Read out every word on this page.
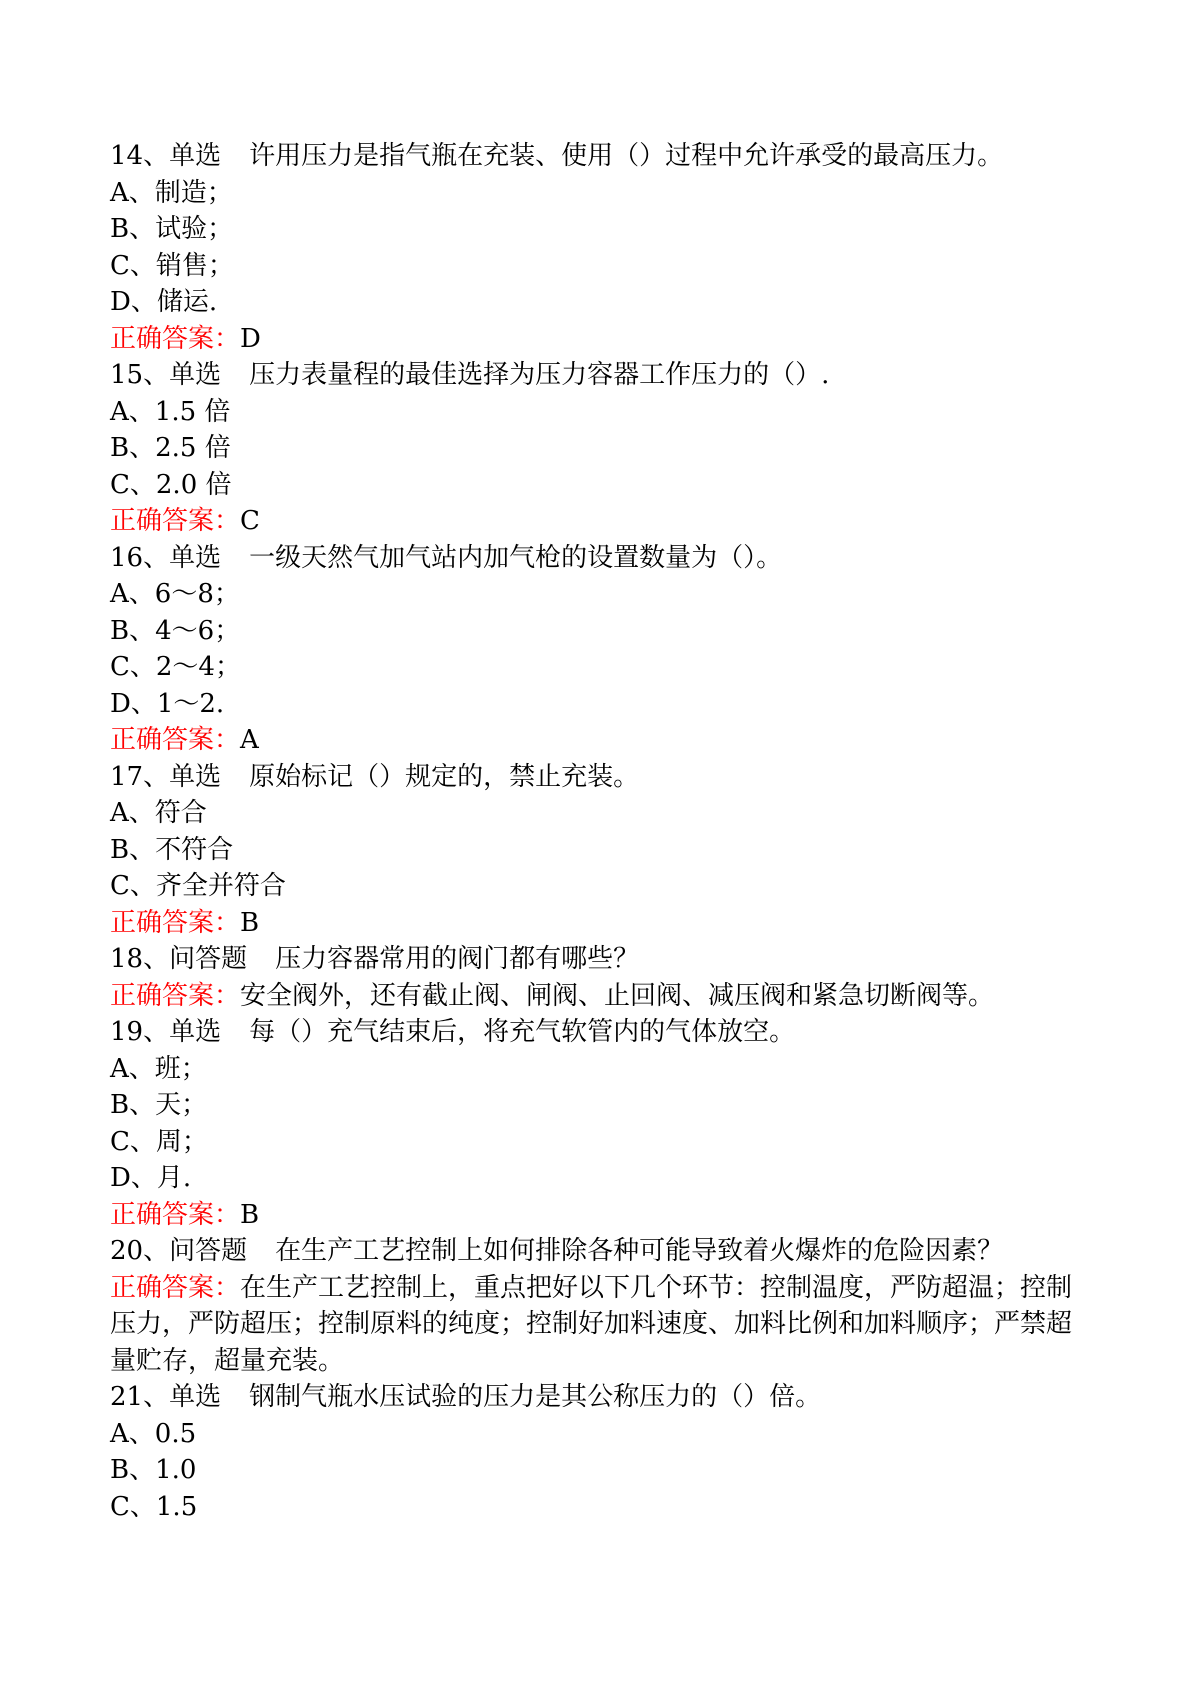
14、单选 许用压力是指气瓶在充装、使用（）过程中允许承受的最高压力。
A、制造；
B、试验；
C、销售；
D、储运.
正确答案：D
15、单选 压力表量程的最佳选择为压力容器工作压力的（）.
A、1.5 倍
B、2.5 倍
C、2.0 倍
正确答案：C
16、单选 一级天然气加气站内加气枪的设置数量为（）。
A、6～8；
B、4～6；
C、2～4；
D、1～2.
正确答案：A
17、单选 原始标记（）规定的，禁止充装。
A、符合
B、不符合
C、齐全并符合
正确答案：B
18、问答题 压力容器常用的阀门都有哪些？
正确答案：安全阀外，还有截止阀、闸阀、止回阀、减压阀和紧急切断阀等。
19、单选 每（）充气结束后，将充气软管内的气体放空。
A、班；
B、天；
C、周；
D、月.
正确答案：B
20、问答题 在生产工艺控制上如何排除各种可能导致着火爆炸的危险因素？
正确答案：在生产工艺控制上，重点把好以下几个环节：控制温度，严防超温；控制压力，严防超压；控制原料的纯度；控制好加料速度、加料比例和加料顺序；严禁超量贮存，超量充装。
21、单选 钢制气瓶水压试验的压力是其公称压力的（）倍。
A、0.5
B、1.0
C、1.5
